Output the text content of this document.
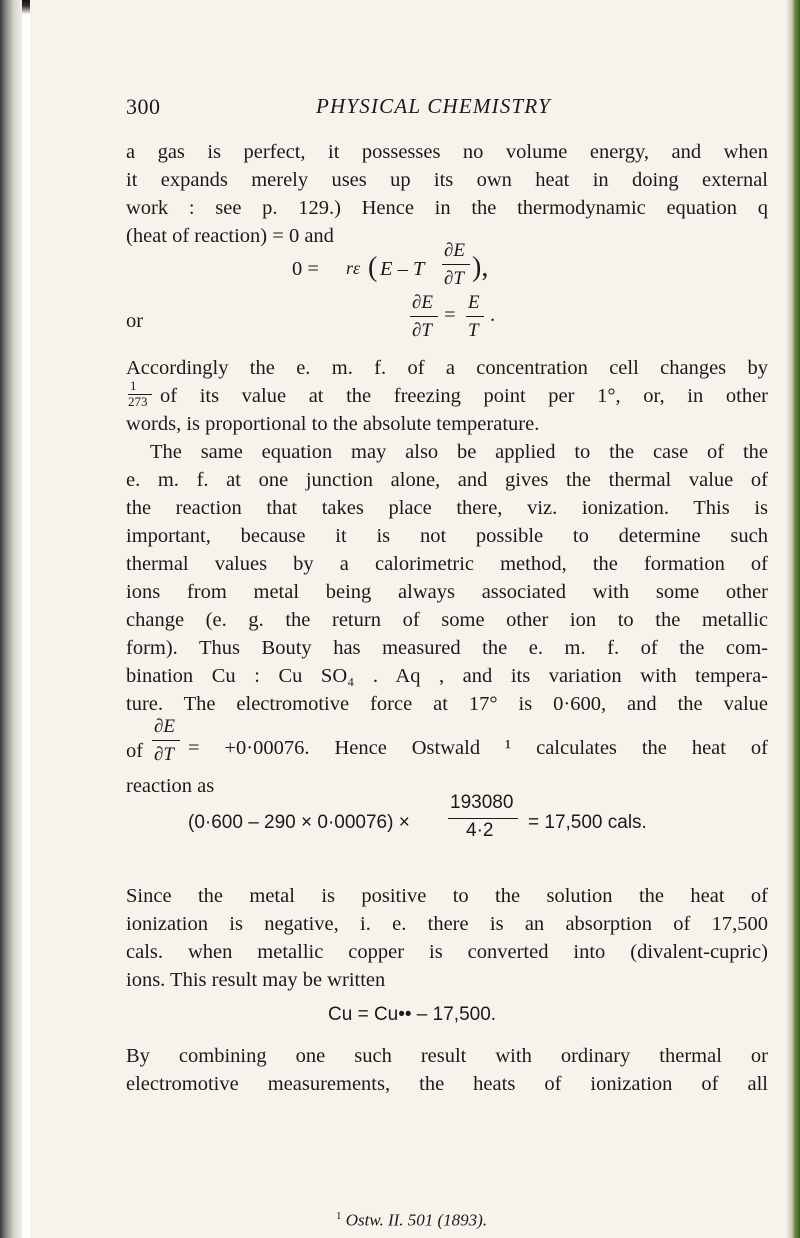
300	PHYSICAL CHEMISTRY
a gas is perfect, it possesses no volume energy, and when
it expands merely uses up its own heat in doing external
work : see p. 129.) Hence in the thermodynamic equation q
(heat of reaction) = 0 and
0 = rε ( E – T
∂E
∂T ),
or
∂E
∂T
=
E
T
.
Accordingly the e. m. f. of a concentration cell changes by
1
273 of its value at the freezing point per 1°, or, in other
words, is proportional to the absolute temperature.
The same equation may also be applied to the case of the
e. m. f. at one junction alone, and gives the thermal value of
the reaction that takes place there, viz. ionization. This is
important, because it is not possible to determine such
thermal values by a calorimetric method, the formation of
ions from metal being always associated with some other
change (e. g. the return of some other ion to the metallic
form). Thus Bouty has measured the e. m. f. of the com-
bination Cu : Cu SO₄ . Aq , and its variation with tempera-
ture. The electromotive force at 17° is 0·600, and the value
of
∂E
∂T = +0·00076. Hence Ostwald ¹ calculates the heat of
reaction as
(0·600 – 290 × 0·00076) ×
193080
4·2 = 17,500 cals.
Since the metal is positive to the solution the heat of
ionization is negative, i. e. there is an absorption of 17,500
cals. when metallic copper is converted into (divalent-cupric)
ions. This result may be written
Cu = Cu•• – 17,500.
By combining one such result with ordinary thermal or
electromotive measurements, the heats of ionization of all
$^1$ Ostw. II. 501 (1893).
